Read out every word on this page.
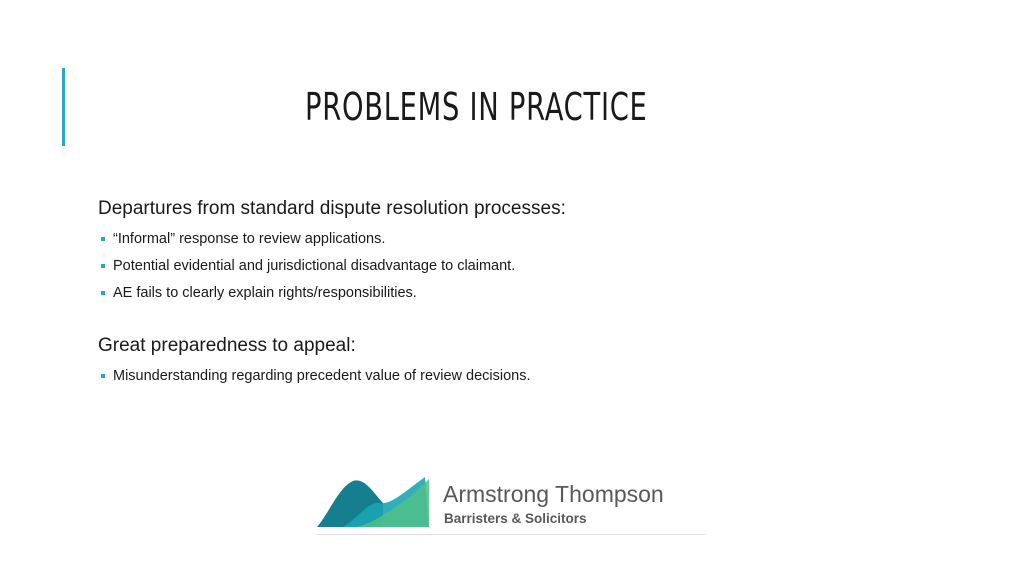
PROBLEMS IN PRACTICE

Departures from standard dispute resolution processes:

“Informal” response to review applications.
Potential evidential and jurisdictional disadvantage to claimant.
AE fails to clearly explain rights/responsibilities.

Great preparedness to appeal:

Misunderstanding regarding precedent value of review decisions.
Armstrong Thompson
Barristers & Solicitors
